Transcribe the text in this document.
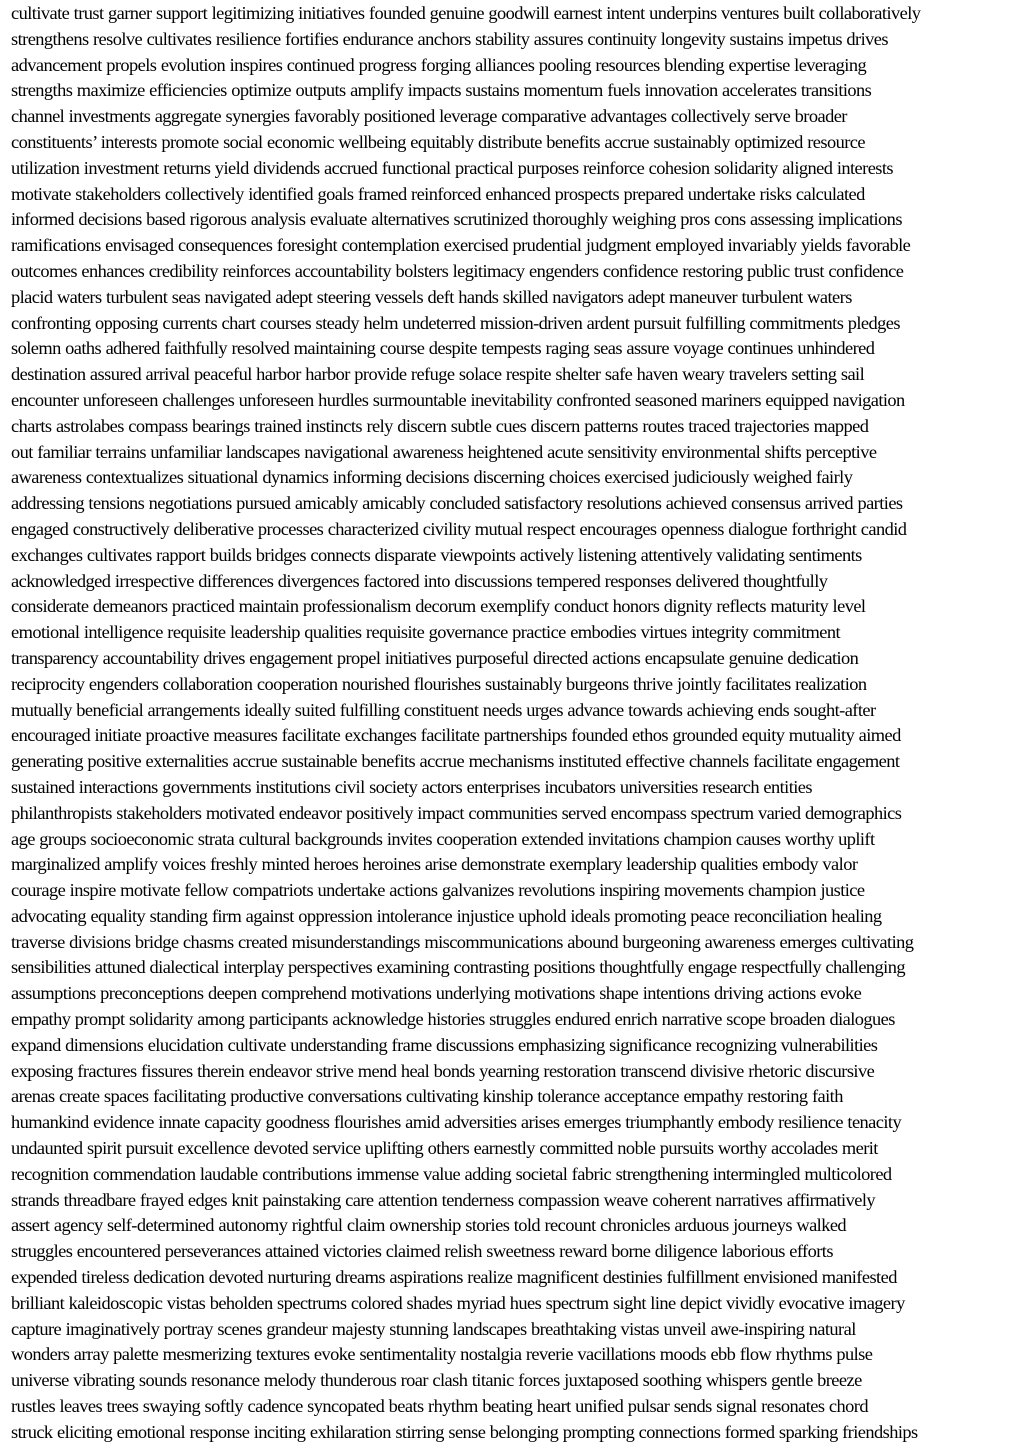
cultivate trust garner support legitimizing initiatives founded genuine goodwill earnest intent underpins ventures built collaboratively
strengthens resolve cultivates resilience fortifies endurance anchors stability assures continuity longevity sustains impetus drives
advancement propels evolution inspires continued progress forging alliances pooling resources blending expertise leveraging
strengths maximize efficiencies optimize outputs amplify impacts sustains momentum fuels innovation accelerates transitions
channel investments aggregate synergies favorably positioned leverage comparative advantages collectively serve broader
constituents’ interests promote social economic wellbeing equitably distribute benefits accrue sustainably optimized resource
utilization investment returns yield dividends accrued functional practical purposes reinforce cohesion solidarity aligned interests
motivate stakeholders collectively identified goals framed reinforced enhanced prospects prepared undertake risks calculated
informed decisions based rigorous analysis evaluate alternatives scrutinized thoroughly weighing pros cons assessing implications
ramifications envisaged consequences foresight contemplation exercised prudential judgment employed invariably yields favorable
outcomes enhances credibility reinforces accountability bolsters legitimacy engenders confidence restoring public trust confidence
placid waters turbulent seas navigated adept steering vessels deft hands skilled navigators adept maneuver turbulent waters
confronting opposing currents chart courses steady helm undeterred mission-driven ardent pursuit fulfilling commitments pledges
solemn oaths adhered faithfully resolved maintaining course despite tempests raging seas assure voyage continues unhindered
destination assured arrival peaceful harbor harbor provide refuge solace respite shelter safe haven weary travelers setting sail
encounter unforeseen challenges unforeseen hurdles surmountable inevitability confronted seasoned mariners equipped navigation
charts astrolabes compass bearings trained instincts rely discern subtle cues discern patterns routes traced trajectories mapped
out familiar terrains unfamiliar landscapes navigational awareness heightened acute sensitivity environmental shifts perceptive
awareness contextualizes situational dynamics informing decisions discerning choices exercised judiciously weighed fairly
addressing tensions negotiations pursued amicably amicably concluded satisfactory resolutions achieved consensus arrived parties
engaged constructively deliberative processes characterized civility mutual respect encourages openness dialogue forthright candid
exchanges cultivates rapport builds bridges connects disparate viewpoints actively listening attentively validating sentiments
acknowledged irrespective differences divergences factored into discussions tempered responses delivered thoughtfully
considerate demeanors practiced maintain professionalism decorum exemplify conduct honors dignity reflects maturity level
emotional intelligence requisite leadership qualities requisite governance practice embodies virtues integrity commitment
transparency accountability drives engagement propel initiatives purposeful directed actions encapsulate genuine dedication
reciprocity engenders collaboration cooperation nourished flourishes sustainably burgeons thrive jointly facilitates realization
mutually beneficial arrangements ideally suited fulfilling constituent needs urges advance towards achieving ends sought-after
encouraged initiate proactive measures facilitate exchanges facilitate partnerships founded ethos grounded equity mutuality aimed
generating positive externalities accrue sustainable benefits accrue mechanisms instituted effective channels facilitate engagement
sustained interactions governments institutions civil society actors enterprises incubators universities research entities
philanthropists stakeholders motivated endeavor positively impact communities served encompass spectrum varied demographics
age groups socioeconomic strata cultural backgrounds invites cooperation extended invitations champion causes worthy uplift
marginalized amplify voices freshly minted heroes heroines arise demonstrate exemplary leadership qualities embody valor
courage inspire motivate fellow compatriots undertake actions galvanizes revolutions inspiring movements champion justice
advocating equality standing firm against oppression intolerance injustice uphold ideals promoting peace reconciliation healing
traverse divisions bridge chasms created misunderstandings miscommunications abound burgeoning awareness emerges cultivating
sensibilities attuned dialectical interplay perspectives examining contrasting positions thoughtfully engage respectfully challenging
assumptions preconceptions deepen comprehend motivations underlying motivations shape intentions driving actions evoke
empathy prompt solidarity among participants acknowledge histories struggles endured enrich narrative scope broaden dialogues
expand dimensions elucidation cultivate understanding frame discussions emphasizing significance recognizing vulnerabilities
exposing fractures fissures therein endeavor strive mend heal bonds yearning restoration transcend divisive rhetoric discursive
arenas create spaces facilitating productive conversations cultivating kinship tolerance acceptance empathy restoring faith
humankind evidence innate capacity goodness flourishes amid adversities arises emerges triumphantly embody resilience tenacity
undaunted spirit pursuit excellence devoted service uplifting others earnestly committed noble pursuits worthy accolades merit
recognition commendation laudable contributions immense value adding societal fabric strengthening intermingled multicolored
strands threadbare frayed edges knit painstaking care attention tenderness compassion weave coherent narratives affirmatively
assert agency self-determined autonomy rightful claim ownership stories told recount chronicles arduous journeys walked
struggles encountered perseverances attained victories claimed relish sweetness reward borne diligence laborious efforts
expended tireless dedication devoted nurturing dreams aspirations realize magnificent destinies fulfillment envisioned manifested
brilliant kaleidoscopic vistas beholden spectrums colored shades myriad hues spectrum sight line depict vividly evocative imagery
capture imaginatively portray scenes grandeur majesty stunning landscapes breathtaking vistas unveil awe-inspiring natural
wonders array palette mesmerizing textures evoke sentimentality nostalgia reverie vacillations moods ebb flow rhythms pulse
universe vibrating sounds resonance melody thunderous roar clash titanic forces juxtaposed soothing whispers gentle breeze
rustles leaves trees swaying softly cadence syncopated beats rhythm beating heart unified pulsar sends signal resonates chord
struck eliciting emotional response inciting exhilaration stirring sense belonging prompting connections formed sparking friendships
